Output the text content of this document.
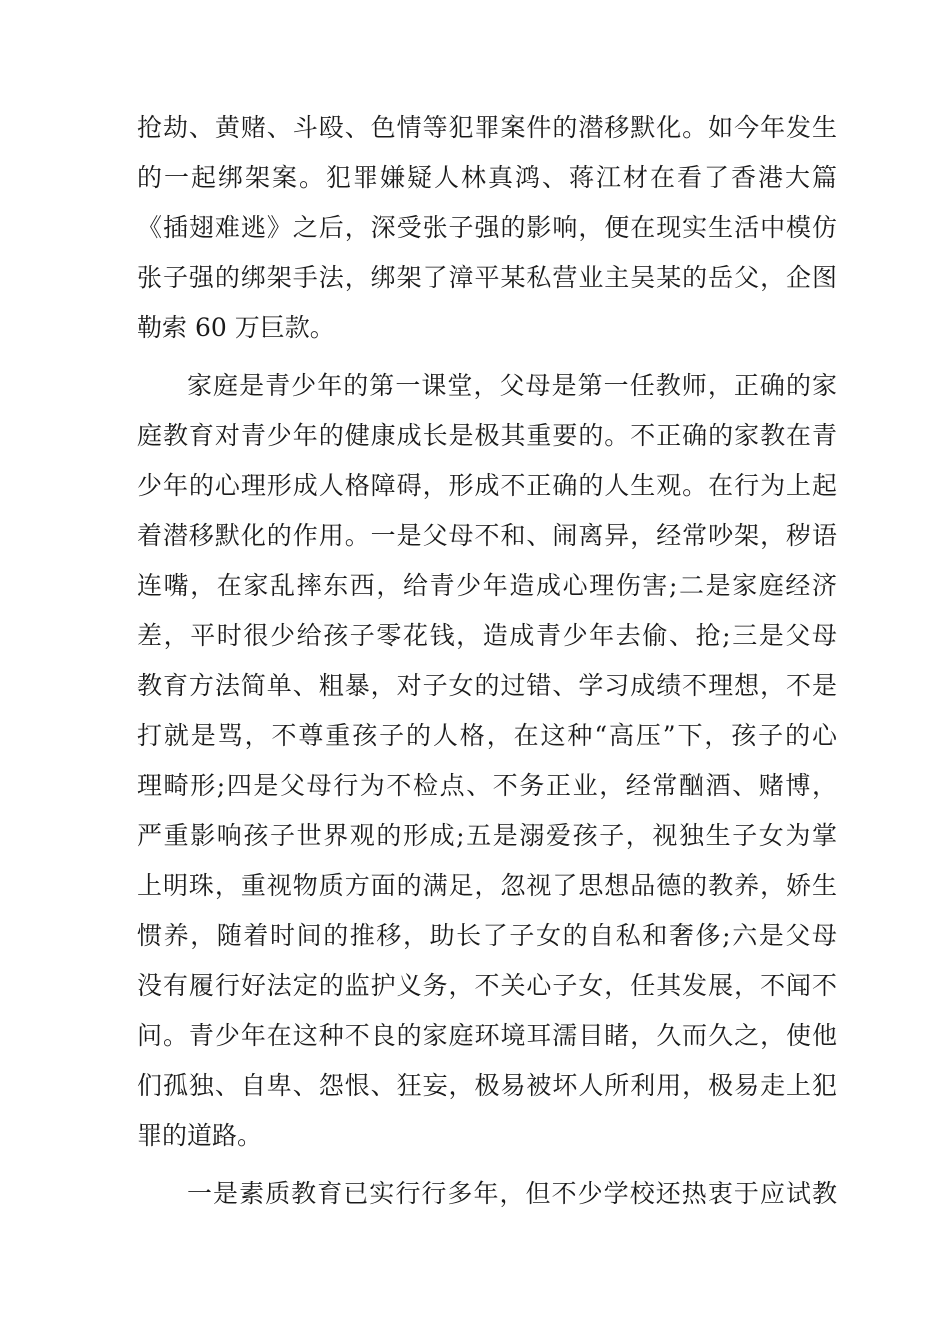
抢劫、黄赌、斗殴、色情等犯罪案件的潜移默化。如今年发生
的一起绑架案。犯罪嫌疑人林真鸿、蒋江材在看了香港大篇
《插翅难逃》之后，深受张子强的影响，便在现实生活中模仿
张子强的绑架手法，绑架了漳平某私营业主吴某的岳父，企图
勒索 60 万巨款。
家庭是青少年的第一课堂，父母是第一任教师，正确的家
庭教育对青少年的健康成长是极其重要的。不正确的家教在青
少年的心理形成人格障碍，形成不正确的人生观。在行为上起
着潜移默化的作用。一是父母不和、闹离异，经常吵架，秽语
连嘴，在家乱摔东西，给青少年造成心理伤害;二是家庭经济
差，平时很少给孩子零花钱，造成青少年去偷、抢;三是父母
教育方法简单、粗暴，对子女的过错、学习成绩不理想，不是
打就是骂，不尊重孩子的人格，在这种“高压”下，孩子的心
理畸形;四是父母行为不检点、不务正业，经常酗酒、赌博，
严重影响孩子世界观的形成;五是溺爱孩子，视独生子女为掌
上明珠，重视物质方面的满足，忽视了思想品德的教养，娇生
惯养，随着时间的推移，助长了子女的自私和奢侈;六是父母
没有履行好法定的监护义务，不关心子女，任其发展，不闻不
问。青少年在这种不良的家庭环境耳濡目睹，久而久之，使他
们孤独、自卑、怨恨、狂妄，极易被坏人所利用，极易走上犯
罪的道路。
一是素质教育已实行行多年，但不少学校还热衷于应试教
